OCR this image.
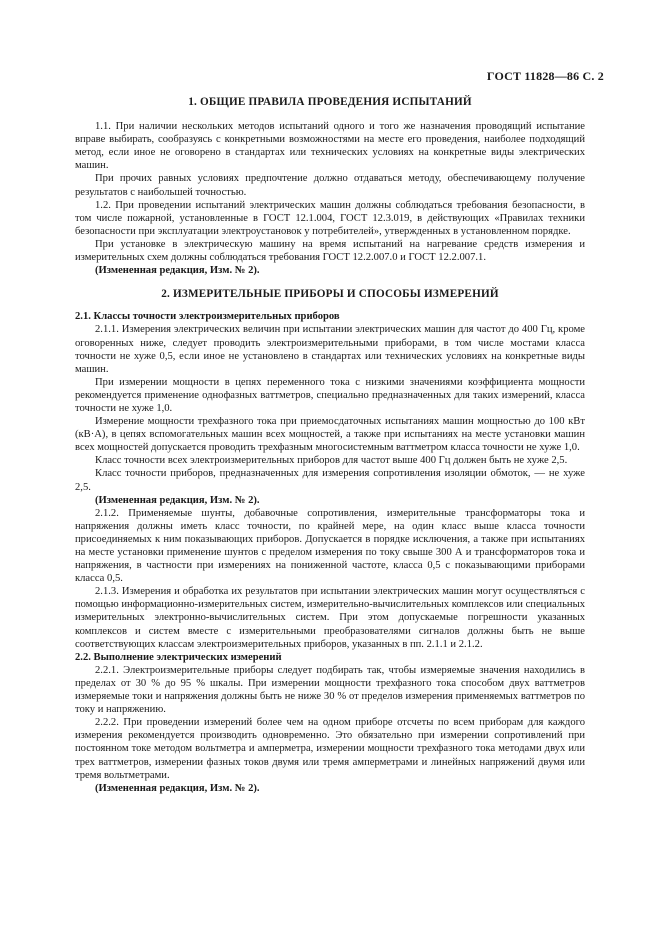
ГОСТ 11828—86 С. 2
1. ОБЩИЕ ПРАВИЛА ПРОВЕДЕНИЯ ИСПЫТАНИЙ

1.1. При наличии нескольких методов испытаний одного и того же назначения проводящий испытание вправе выбирать, сообразуясь с конкретными возможностями на месте его проведения, наиболее подходящий метод, если иное не оговорено в стандартах или технических условиях на конкретные виды электрических машин.

При прочих равных условиях предпочтение должно отдаваться методу, обеспечивающему получение результатов с наибольшей точностью.

1.2. При проведении испытаний электрических машин должны соблюдаться требования безопасности, в том числе пожарной, установленные в ГОСТ 12.1.004, ГОСТ 12.3.019, в действующих «Правилах техники безопасности при эксплуатации электроустановок у потребителей», утвержденных в установленном порядке.

При установке в электрическую машину на время испытаний на нагревание средств измерения и измерительных схем должны соблюдаться требования ГОСТ 12.2.007.0 и ГОСТ 12.2.007.1.

(Измененная редакция, Изм. № 2).

2. ИЗМЕРИТЕЛЬНЫЕ ПРИБОРЫ И СПОСОБЫ ИЗМЕРЕНИЙ
2.1. Классы точности электроизмерительных приборов

2.1.1. Измерения электрических величин при испытании электрических машин для частот до 400 Гц, кроме оговоренных ниже, следует проводить электроизмерительными приборами, в том числе мостами класса точности не хуже 0,5, если иное не установлено в стандартах или технических условиях на конкретные виды машин.

При измерении мощности в цепях переменного тока с низкими значениями коэффициента мощности рекомендуется применение однофазных ваттметров, специально предназначенных для таких измерений, класса точности не хуже 1,0.

Измерение мощности трехфазного тока при приемосдаточных испытаниях машин мощностью до 100 кВт (кВ·А), в цепях вспомогательных машин всех мощностей, а также при испытаниях на месте установки машин всех мощностей допускается проводить трехфазным многосистемным ваттметром класса точности не хуже 1,0.

Класс точности всех электроизмерительных приборов для частот выше 400 Гц должен быть не хуже 2,5.

Класс точности приборов, предназначенных для измерения сопротивления изоляции обмоток, — не хуже 2,5.

(Измененная редакция, Изм. № 2).

2.1.2. Применяемые шунты, добавочные сопротивления, измерительные трансформаторы тока и напряжения должны иметь класс точности, по крайней мере, на один класс выше класса точности присоединяемых к ним показывающих приборов. Допускается в порядке исключения, а также при испытаниях на месте установки применение шунтов с пределом измерения по току свыше 300 А и трансформаторов тока и напряжения, в частности при измерениях на пониженной частоте, класса 0,5 с показывающими приборами класса 0,5.

2.1.3. Измерения и обработка их результатов при испытании электрических машин могут осуществляться с помощью информационно-измерительных систем, измерительно-вычислительных комплексов или специальных измерительных электронно-вычислительных систем. При этом допускаемые погрешности указанных комплексов и систем вместе с измерительными преобразователями сигналов должны быть не выше соответствующих классам электроизмерительных приборов, указанных в пп. 2.1.1 и 2.1.2.

2.2. Выполнение электрических измерений

2.2.1. Электроизмерительные приборы следует подбирать так, чтобы измеряемые значения находились в пределах от 30 % до 95 % шкалы. При измерении мощности трехфазного тока способом двух ваттметров измеряемые токи и напряжения должны быть не ниже 30 % от пределов измерения применяемых ваттметров по току и напряжению.

2.2.2. При проведении измерений более чем на одном приборе отсчеты по всем приборам для каждого измерения рекомендуется производить одновременно. Это обязательно при измерении сопротивлений при постоянном токе методом вольтметра и амперметра, измерении мощности трехфазного тока методами двух или трех ваттметров, измерении фазных токов двумя или тремя амперметрами и линейных напряжений двумя или тремя вольтметрами.

(Измененная редакция, Изм. № 2).
